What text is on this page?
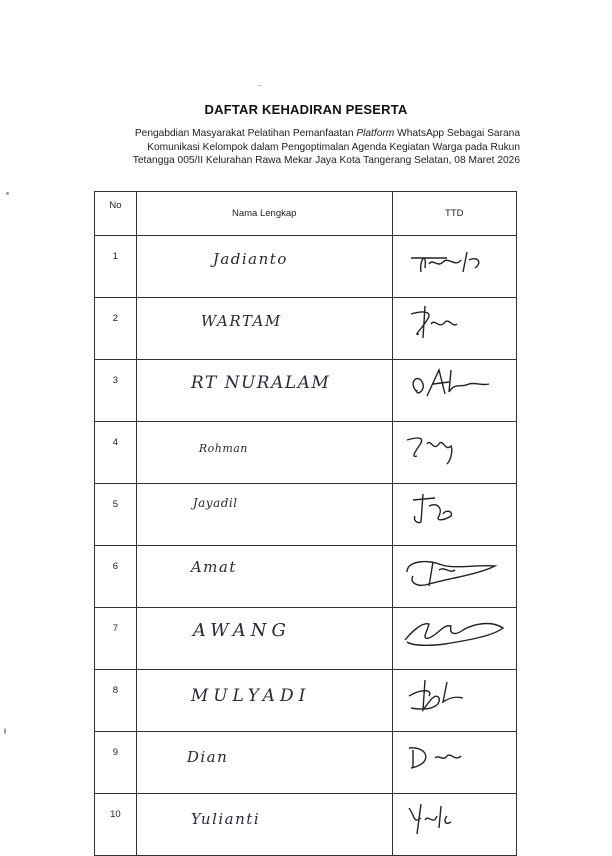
DAFTAR KEHADIRAN PESERTA

Pengabdian Masyarakat Pelatihan Pemanfaatan Platform WhatsApp Sebagai Sarana

Komunikasi Kelompok dalam Pengoptimalan Agenda Kegiatan Warga pada Rukun

Tetangga 005/II Kelurahan Rawa Mekar Jaya Kota Tangerang Selatan, 08 Maret 2026

No	Nama Lengkap	TTD
1	Jadianto

2	WARTAM

3	RT NURALAM

4	Rohman

5	Jayadil

6	Amat

7	AWANG

8	MULYADI

9	Dian

10	Yulianti
